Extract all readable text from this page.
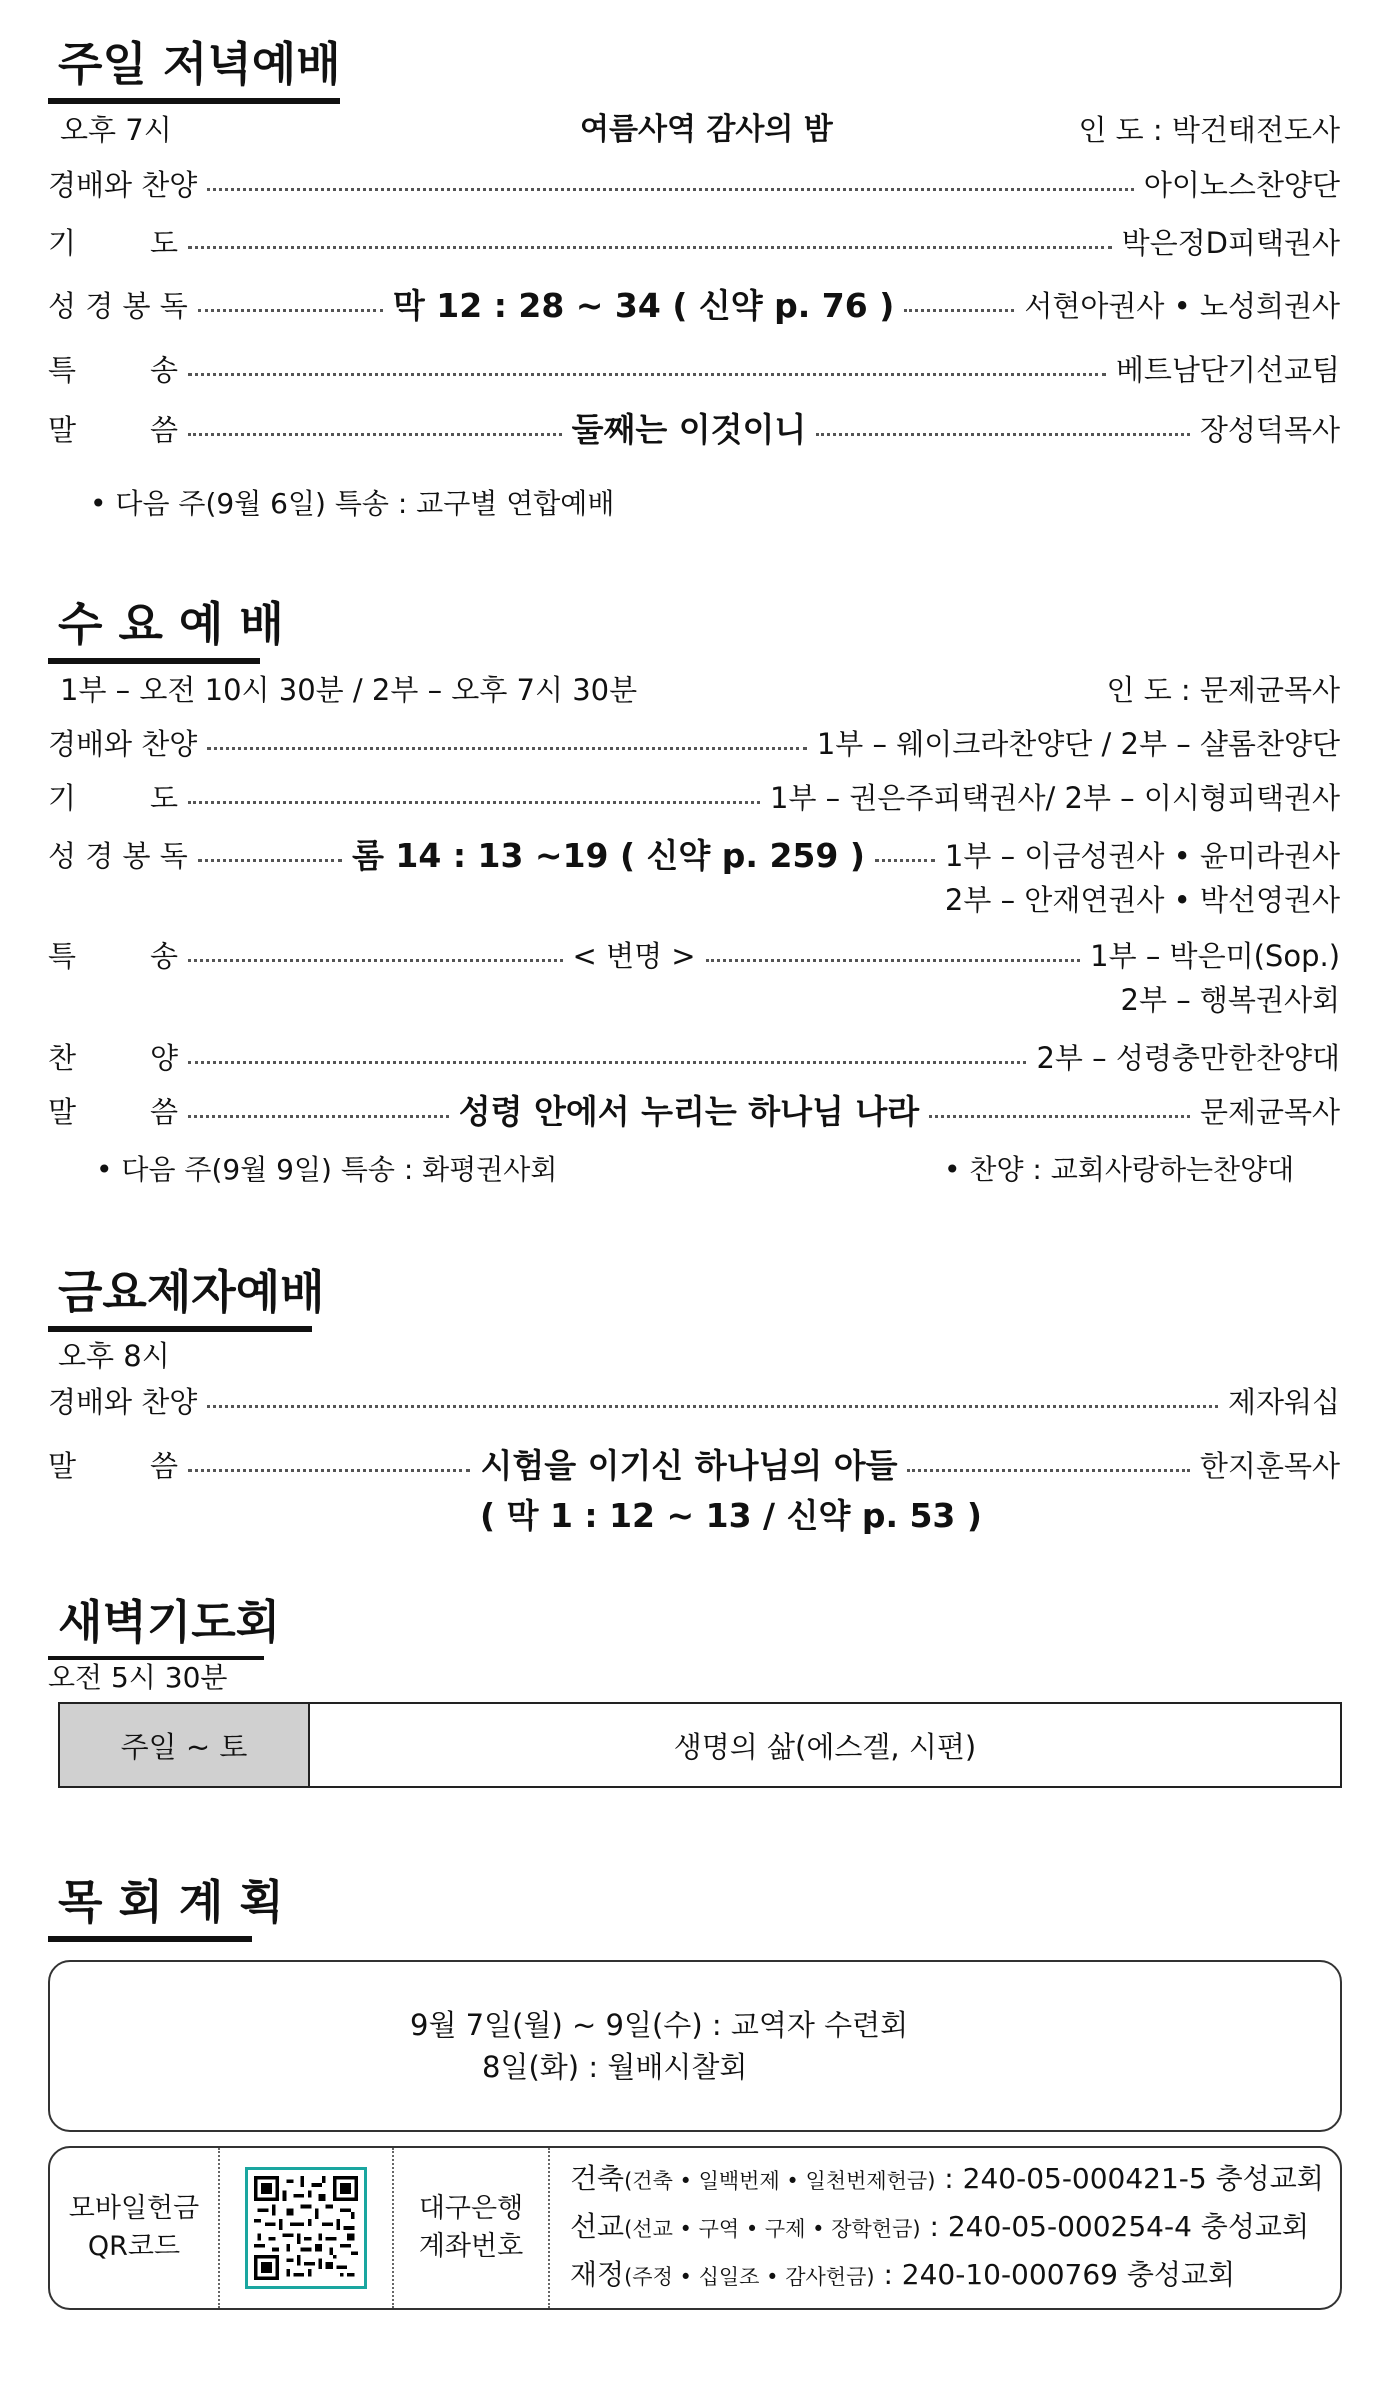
주일 저녁예배
오후 7시	여름사역 감사의 밤	인 도 : 박건태전도사
경배와 찬양	아이노스찬양단
기	도	박은정D피택권사
성 경 봉 독	막 12 : 28 ~ 34 ( 신약 p. 76 )	서현아권사 • 노성희권사
특	송	베트남단기선교팀
말	씀	둘째는 이것이니	장성덕목사
• 다음 주(9월 6일) 특송 : 교구별 연합예배
수 요 예 배
1부 – 오전 10시 30분 / 2부 – 오후 7시 30분	인 도 : 문제균목사
경배와 찬양	1부 – 웨이크라찬양단 / 2부 – 샬롬찬양단
기	도	1부 – 권은주피택권사/ 2부 – 이시형피택권사
성 경 봉 독	롬 14 : 13 ~19 ( 신약 p. 259 )	1부 – 이금성권사 • 윤미라권사
2부 – 안재연권사 • 박선영권사
특	송	< 변명 >	1부 – 박은미(Sop.)
2부 – 행복권사회
찬	양	2부 – 성령충만한찬양대
말	씀	성령 안에서 누리는 하나님 나라	문제균목사
• 다음 주(9월 9일) 특송 : 화평권사회	• 찬양 : 교회사랑하는찬양대
금요제자예배
오후 8시
경배와 찬양	제자워십
말	씀	시험을 이기신 하나님의 아들	한지훈목사
( 막 1 : 12 ~ 13 / 신약 p. 53 )
새벽기도회
오전 5시 30분
주일 ~ 토	생명의 삶(에스겔, 시편)
목 회 계 획
9월 7일(월) ~ 9일(수) : 교역자 수련회
8일(화) : 월배시찰회
모바일헌금
QR코드
대구은행
계좌번호
건축(건축 • 일백번제 • 일천번제헌금) : 240-05-000421-5 충성교회
선교(선교 • 구역 • 구제 • 장학헌금) : 240-05-000254-4 충성교회
재정(주정 • 십일조 • 감사헌금) : 240-10-000769 충성교회
